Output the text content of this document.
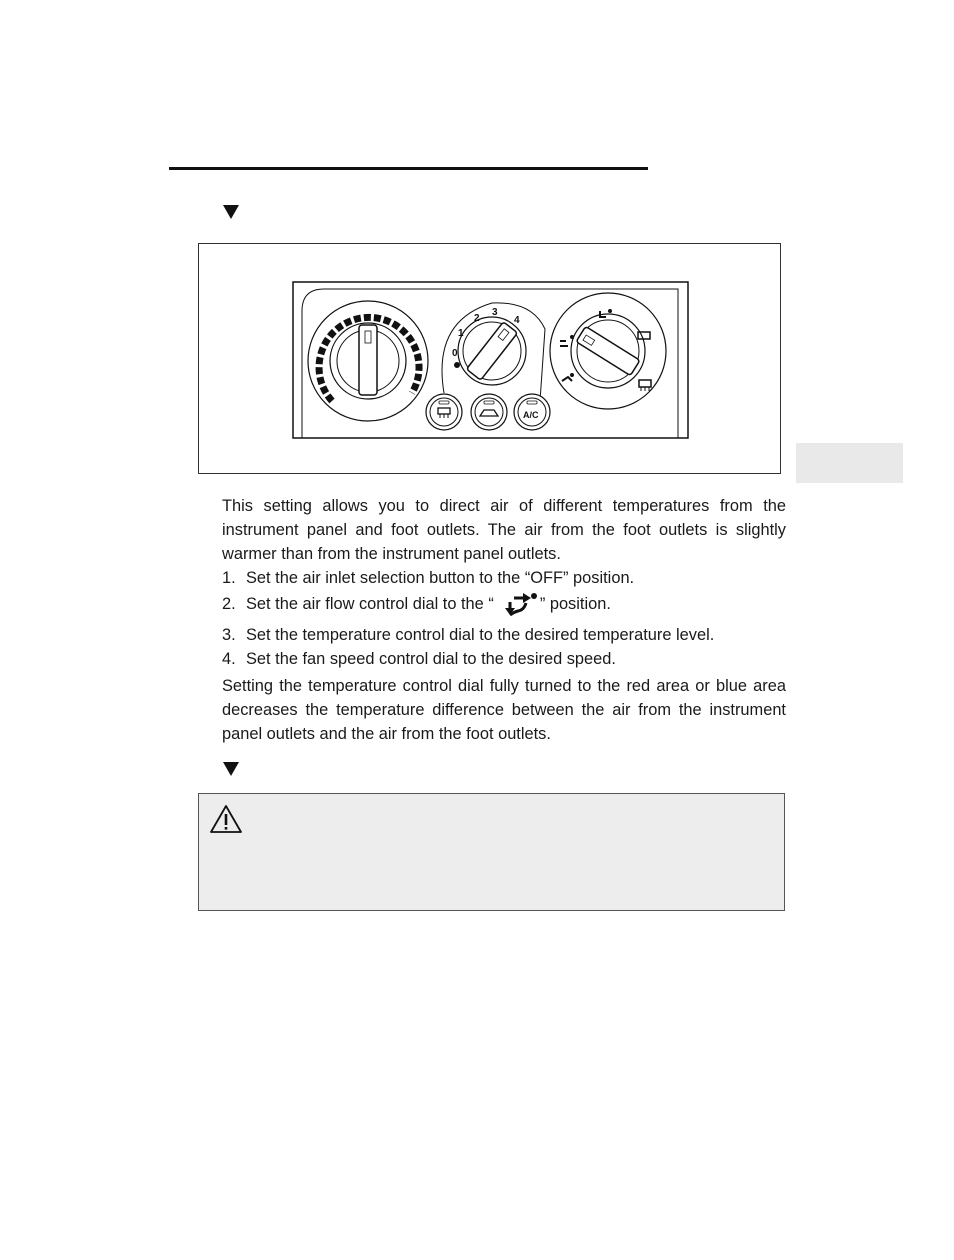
0
1
2
3
4
A/C

This setting allows you to direct air of different temperatures from the instrument panel and foot outlets. The air from the foot outlets is slightly warmer than from the instrument panel outlets.

1. Set the air inlet selection button to the “OFF” position.
2. Set the air flow control dial to the “	” position.
3. Set the temperature control dial to the desired temperature level.
4. Set the fan speed control dial to the desired speed.

Setting the temperature control dial fully turned to the red area or blue area decreases the temperature difference between the air from the instrument panel outlets and the air from the foot outlets.
